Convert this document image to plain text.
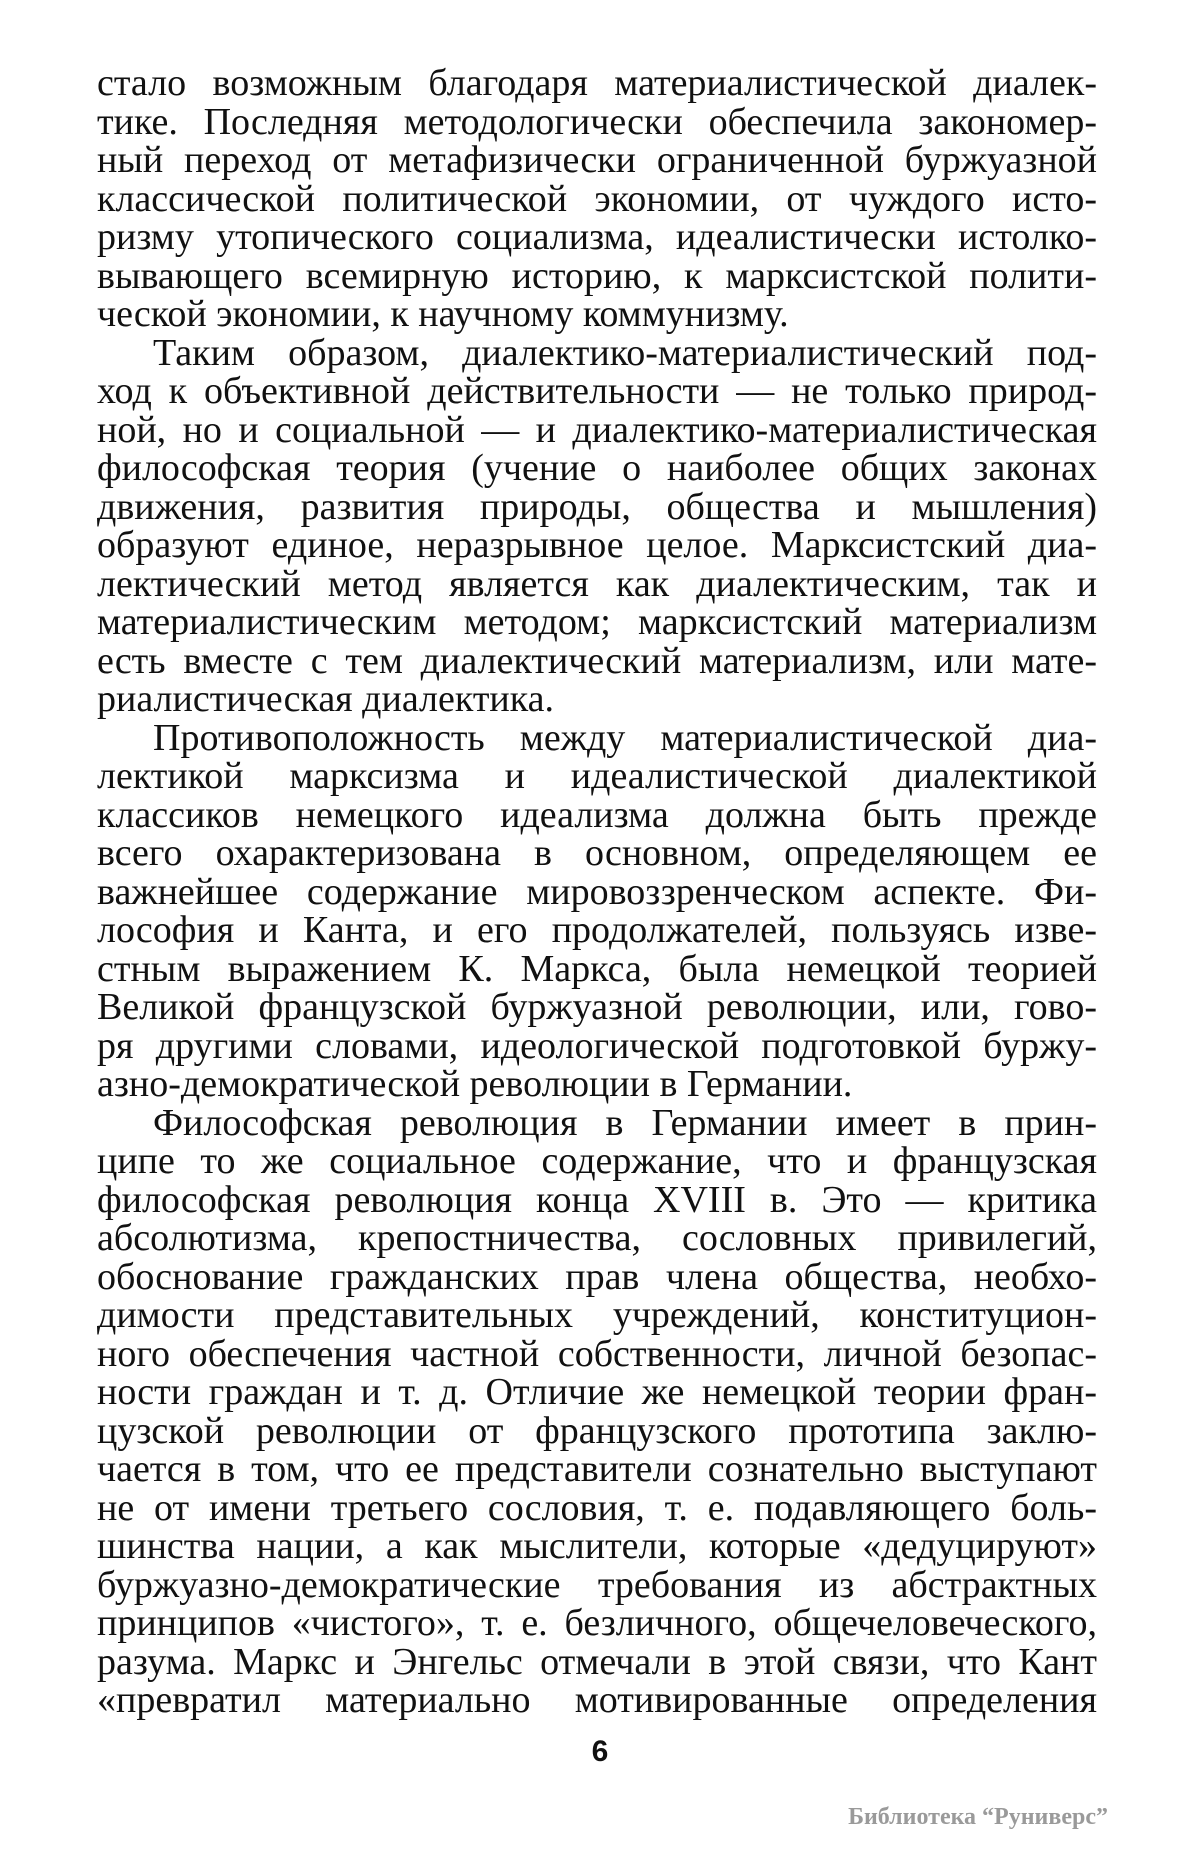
стало возможным благодаря материалистической диалек-
тике. Последняя методологически обеспечила закономер-
ный переход от метафизически ограниченной буржуазной
классической политической экономии, от чуждого исто-
ризму утопического социализма, идеалистически истолко-
вывающего всемирную историю, к марксистской полити-
ческой экономии, к научному коммунизму.
Таким образом, диалектико-материалистический под-
ход к объективной действительности — не только природ-
ной, но и социальной — и диалектико-материалистическая
философская теория (учение о наиболее общих законах
движения, развития природы, общества и мышления)
образуют единое, неразрывное целое. Марксистский диа-
лектический метод является как диалектическим, так и
материалистическим методом; марксистский материализм
есть вместе с тем диалектический материализм, или мате-
риалистическая диалектика.
Противоположность между материалистической диа-
лектикой марксизма и идеалистической диалектикой
классиков немецкого идеализма должна быть прежде
всего охарактеризована в основном, определяющем ее
важнейшее содержание мировоззренческом аспекте. Фи-
лософия и Канта, и его продолжателей, пользуясь изве-
стным выражением К. Маркса, была немецкой теорией
Великой французской буржуазной революции, или, гово-
ря другими словами, идеологической подготовкой буржу-
азно-демократической революции в Германии.
Философская революция в Германии имеет в прин-
ципе то же социальное содержание, что и французская
философская революция конца XVIII в. Это — критика
абсолютизма, крепостничества, сословных привилегий,
обоснование гражданских прав члена общества, необхо-
димости представительных учреждений, конституцион-
ного обеспечения частной собственности, личной безопас-
ности граждан и т. д. Отличие же немецкой теории фран-
цузской революции от французского прототипа заклю-
чается в том, что ее представители сознательно выступают
не от имени третьего сословия, т. е. подавляющего боль-
шинства нации, а как мыслители, которые «дедуцируют»
буржуазно-демократические требования из абстрактных
принципов «чистого», т. е. безличного, общечеловеческого,
разума. Маркс и Энгельс отмечали в этой связи, что Кант
«превратил материально мотивированные определения
6
Библиотека “Руниверс”
